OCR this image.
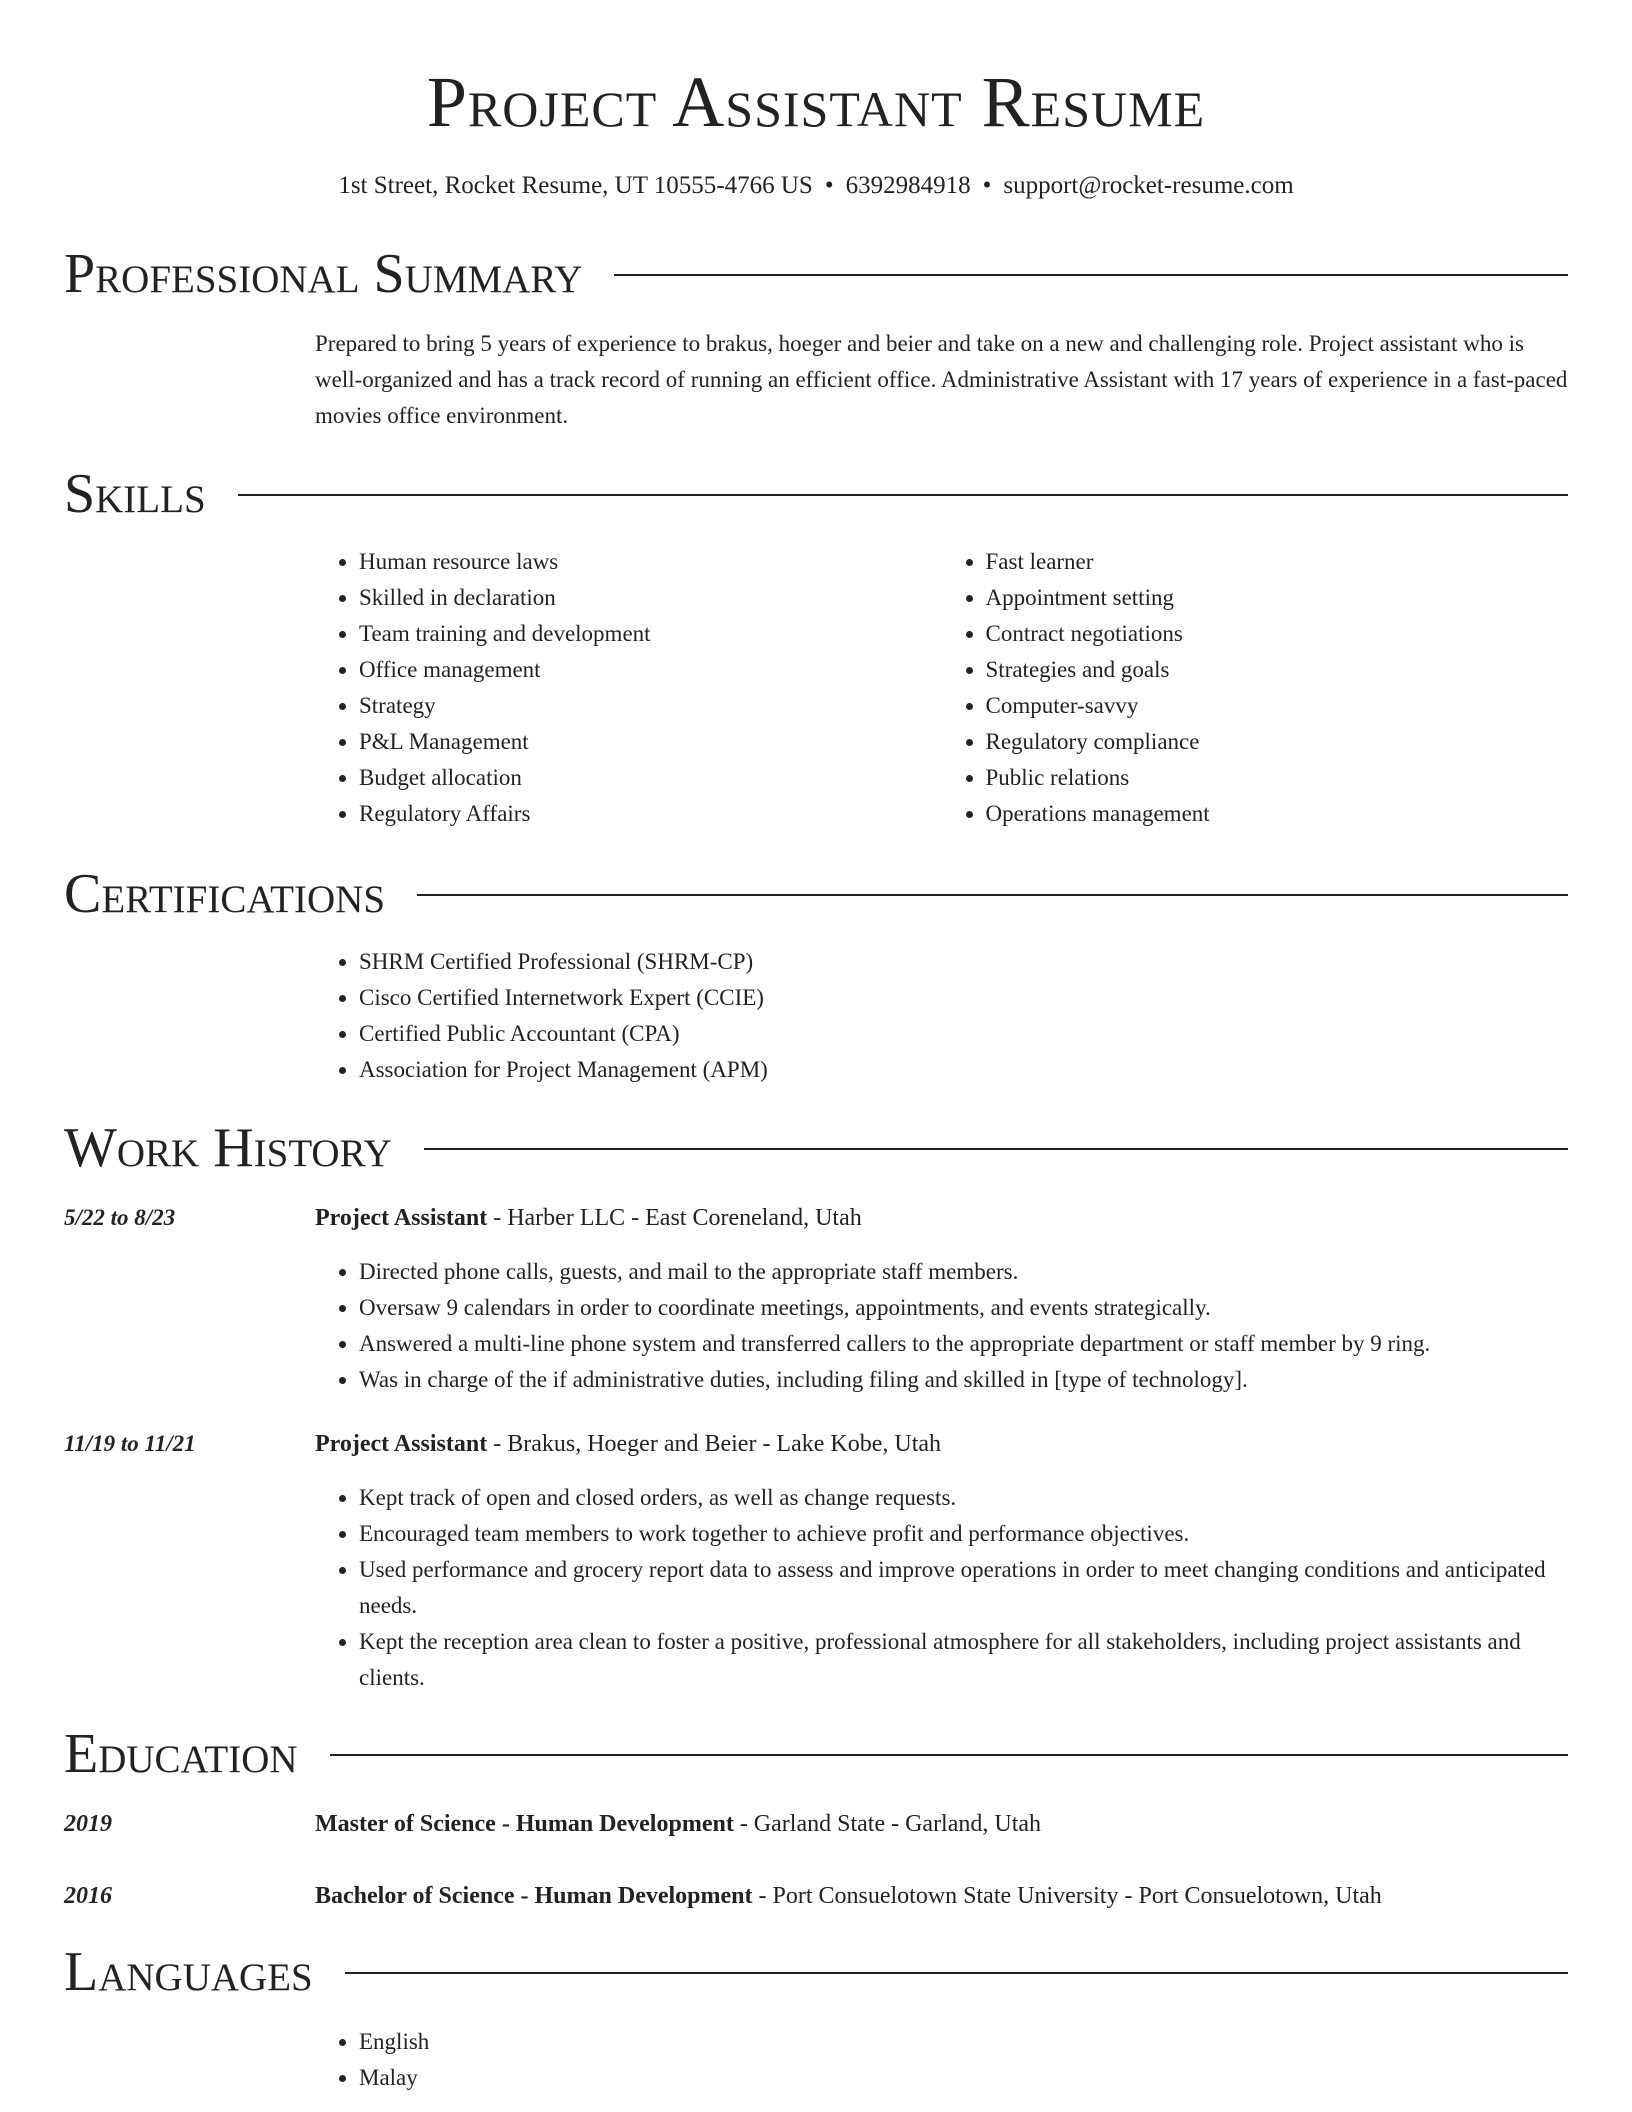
Project Assistant Resume
1st Street, Rocket Resume, UT 10555-4766 US • 6392984918 • support@rocket-resume.com
Professional Summary

Prepared to bring 5 years of experience to brakus, hoeger and beier and take on a new and challenging role. Project assistant who is well-organized and has a track record of running an efficient office. Administrative Assistant with 17 years of experience in a fast-paced movies office environment.

Skills
• Human resource laws
• Skilled in declaration
• Team training and development
• Office management
• Strategy
• P&L Management
• Budget allocation
• Regulatory Affairs
• Fast learner
• Appointment setting
• Contract negotiations
• Strategies and goals
• Computer-savvy
• Regulatory compliance
• Public relations
• Operations management
Certifications
• SHRM Certified Professional (SHRM-CP)
• Cisco Certified Internetwork Expert (CCIE)
• Certified Public Accountant (CPA)
• Association for Project Management (APM)
Work History
5/22 to 8/23	Project Assistant - Harber LLC - East Coreneland, Utah
• Directed phone calls, guests, and mail to the appropriate staff members.
• Oversaw 9 calendars in order to coordinate meetings, appointments, and events strategically.
• Answered a multi-line phone system and transferred callers to the appropriate department or staff member by 9 ring.
• Was in charge of the if administrative duties, including filing and skilled in [type of technology].
11/19 to 11/21	Project Assistant - Brakus, Hoeger and Beier - Lake Kobe, Utah
• Kept track of open and closed orders, as well as change requests.
• Encouraged team members to work together to achieve profit and performance objectives.
• Used performance and grocery report data to assess and improve operations in order to meet changing conditions and anticipated needs.
• Kept the reception area clean to foster a positive, professional atmosphere for all stakeholders, including project assistants and clients.
Education
2019	Master of Science - Human Development - Garland State - Garland, Utah
2016	Bachelor of Science - Human Development - Port Consuelotown State University - Port Consuelotown, Utah
Languages
• English
• Malay
